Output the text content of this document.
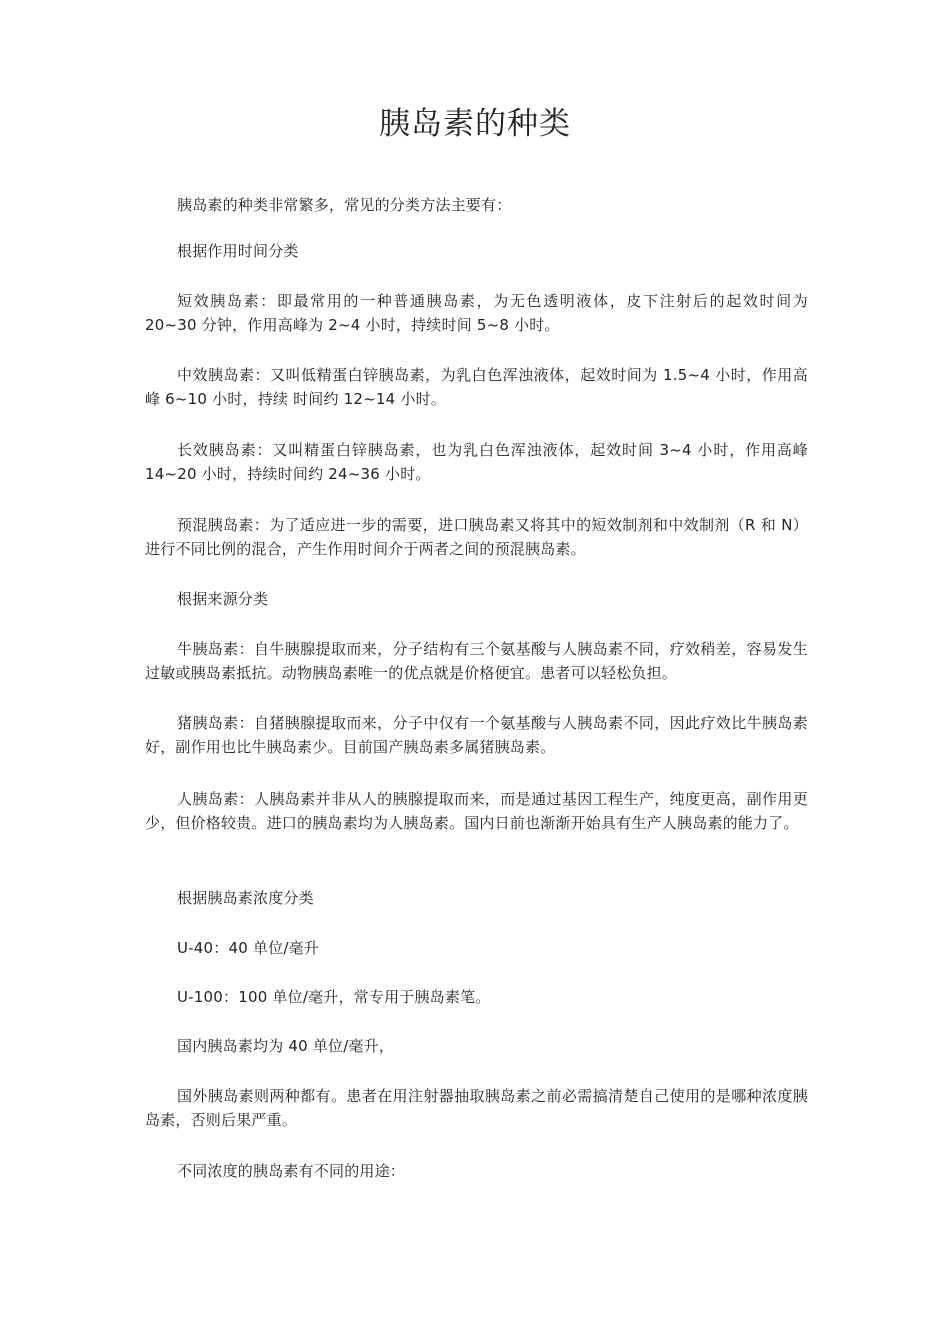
胰岛素的种类

胰岛素的种类非常繁多，常见的分类方法主要有：

根据作用时间分类

短效胰岛素：即最常用的一种普通胰岛素，为无色透明液体，皮下注射后的起效时间为 20~30 分钟，作用高峰为 2~4 小时，持续时间 5~8 小时。

中效胰岛素：又叫低精蛋白锌胰岛素，为乳白色浑浊液体，起效时间为 1.5~4 小时，作用高峰 6~10 小时，持续 时间约 12~14 小时。

长效胰岛素：又叫精蛋白锌胰岛素，也为乳白色浑浊液体，起效时间 3~4 小时，作用高峰 14~20 小时，持续时间约 24~36 小时。

预混胰岛素：为了适应进一步的需要，进口胰岛素又将其中的短效制剂和中效制剂（R 和 N）进行不同比例的混合，产生作用时间介于两者之间的预混胰岛素。

根据来源分类

牛胰岛素：自牛胰腺提取而来，分子结构有三个氨基酸与人胰岛素不同，疗效稍差，容易发生过敏或胰岛素抵抗。动物胰岛素唯一的优点就是价格便宜。患者可以轻松负担。

猪胰岛素：自猪胰腺提取而来，分子中仅有一个氨基酸与人胰岛素不同，因此疗效比牛胰岛素好，副作用也比牛胰岛素少。目前国产胰岛素多属猪胰岛素。

人胰岛素：人胰岛素并非从人的胰腺提取而来，而是通过基因工程生产，纯度更高，副作用更少，但价格较贵。进口的胰岛素均为人胰岛素。国内日前也渐渐开始具有生产人胰岛素的能力了。

根据胰岛素浓度分类

U-40：40 单位/毫升

U-100：100 单位/毫升，常专用于胰岛素笔。

国内胰岛素均为 40 单位/毫升，

国外胰岛素则两种都有。患者在用注射器抽取胰岛素之前必需搞清楚自己使用的是哪种浓度胰岛素，否则后果严重。

不同浓度的胰岛素有不同的用途：
